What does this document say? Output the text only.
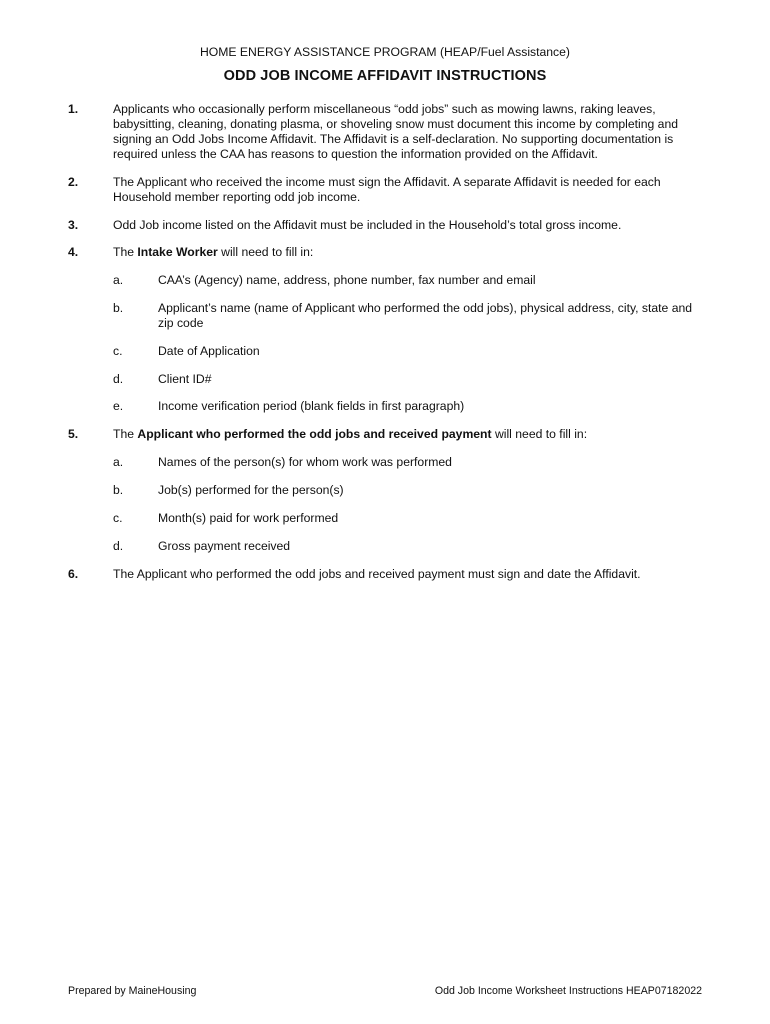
HOME ENERGY ASSISTANCE PROGRAM (HEAP/Fuel Assistance)
ODD JOB INCOME AFFIDAVIT INSTRUCTIONS
1.	Applicants who occasionally perform miscellaneous “odd jobs” such as mowing lawns, raking leaves, babysitting, cleaning, donating plasma, or shoveling snow must document this income by completing and signing an Odd Jobs Income Affidavit. The Affidavit is a self-declaration. No supporting documentation is required unless the CAA has reasons to question the information provided on the Affidavit.
2.	The Applicant who received the income must sign the Affidavit. A separate Affidavit is needed for each Household member reporting odd job income.
3.	Odd Job income listed on the Affidavit must be included in the Household’s total gross income.
4.	The Intake Worker will need to fill in:
a.	CAA’s (Agency) name, address, phone number, fax number and email
b.	Applicant’s name (name of Applicant who performed the odd jobs), physical address, city, state and zip code
c.	Date of Application
d.	Client ID#
e.	Income verification period (blank fields in first paragraph)
5.	The Applicant who performed the odd jobs and received payment will need to fill in:
a.	Names of the person(s) for whom work was performed
b.	Job(s) performed for the person(s)
c.	Month(s) paid for work performed
d.	Gross payment received
6.	The Applicant who performed the odd jobs and received payment must sign and date the Affidavit.
Prepared by MaineHousing	Odd Job Income Worksheet Instructions HEAP07182022
